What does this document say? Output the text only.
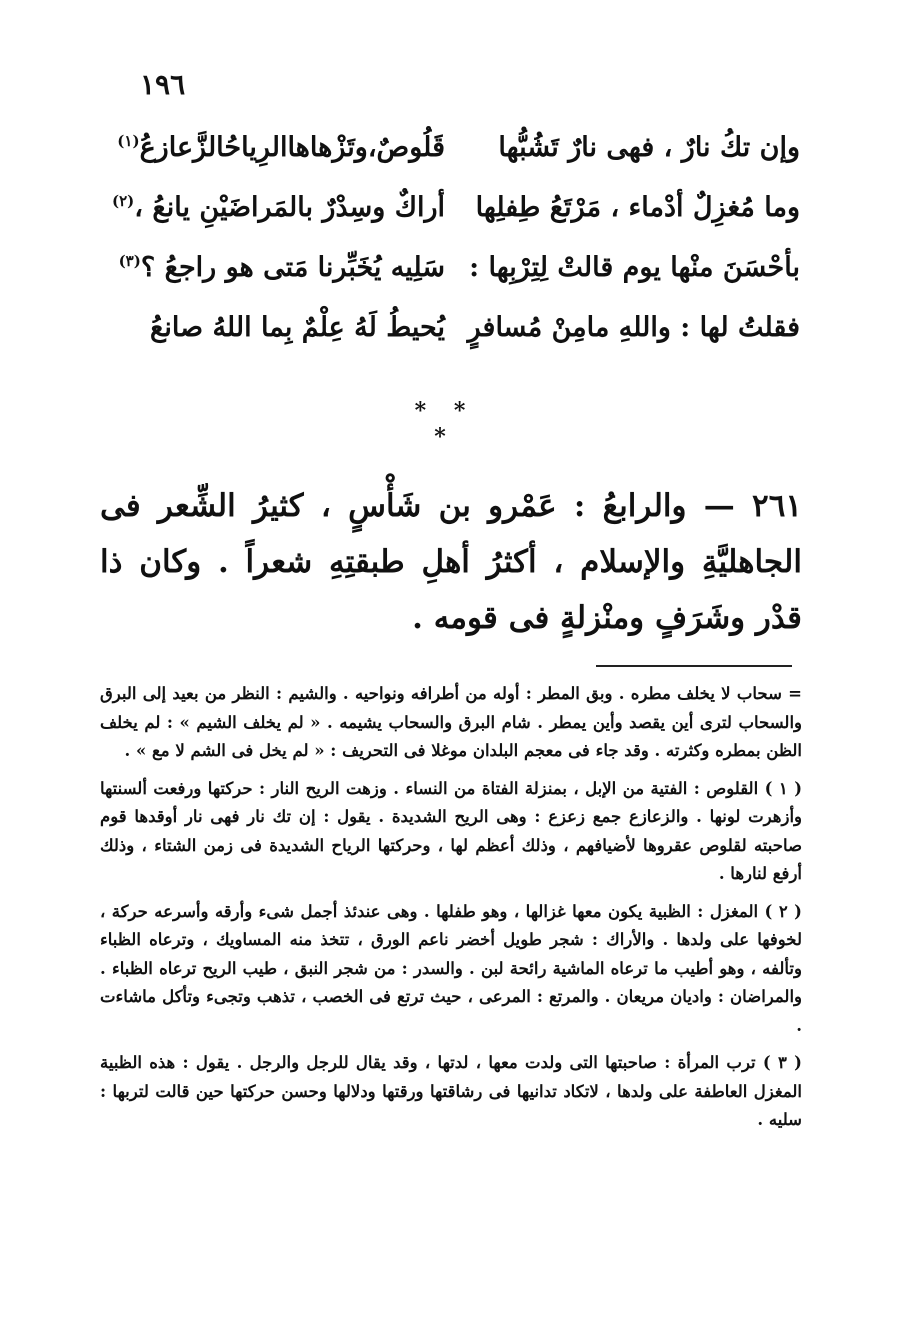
١٩٦
وإن تكُ نارٌ ، فهى نارٌ تَشُبُّها
قَلُوصٌ،وتَزْهاهاالرِياحُالزَّعازعُ$^{(١)}$
وما مُغزِلٌ أدْماء ، مَرْتَعُ طِفلِها
أراكٌ وسِدْرٌ بالمَراضَيْنِ يانعُ ،$^{(٢)}$
بأحْسَنَ منْها يوم قالتْ لِتِرْبِها :
سَلِيه يُخَبِّرنا مَتى هو راجعُ ؟$^{(٣)}$
فقلتُ لها : واللهِ مامِنْ مُسافرٍ
يُحيطُ لَهُ عِلْمٌ بِما اللهُ صانعُ
* * *
٢٦١ — والرابعُ : عَمْرو بن شَأْسٍ ، كثيرُ الشِّعر فى الجاهليَّةِ والإسلام ، أكثرُ أهلِ طبقتِهِ شعراً . وكان ذا قدْر وشَرَفٍ ومنْزلةٍ فى قومه .

= سحاب لا يخلف مطره . وبق المطر : أوله من أطرافه ونواحيه . والشيم : النظر من بعيد إلى البرق والسحاب لترى أين يقصد وأين يمطر . شام البرق والسحاب يشيمه . « لم يخلف الشيم » : لم يخلف الظن بمطره وكثرته . وقد جاء فى معجم البلدان موغلا فى التحريف : « لم يخل فى الشم لا مع » .

( ١ ) القلوص : الفتية من الإبل ، بمنزلة الفتاة من النساء . وزهت الريح النار : حركتها ورفعت ألسنتها وأزهرت لونها . والزعازع جمع زعزع : وهى الريح الشديدة . يقول : إن تك نار فهى نار أوقدها قوم صاحبته لقلوص عقروها لأضيافهم ، وذلك أعظم لها ، وحركتها الرياح الشديدة فى زمن الشتاء ، وذلك أرفع لنارها .

( ٢ ) المغزل : الظبية يكون معها غزالها ، وهو طفلها . وهى عندئذ أجمل شىء وأرقه وأسرعه حركة ، لخوفها على ولدها . والأراك : شجر طويل أخضر ناعم الورق ، تتخذ منه المساويك ، وترعاه الظباء وتألفه ، وهو أطيب ما ترعاه الماشية رائحة لبن . والسدر : من شجر النبق ، طيب الريح ترعاه الظباء . والمراضان : واديان مريعان . والمرتع : المرعى ، حيث ترتع فى الخصب ، تذهب وتجىء وتأكل ماشاءت .

( ٣ ) ترب المرأة : صاحبتها التى ولدت معها ، لدتها ، وقد يقال للرجل والرجل . يقول : هذه الظبية المغزل العاطفة على ولدها ، لاتكاد تدانيها فى رشاقتها ورقتها ودلالها وحسن حركتها حين قالت لتربها : سليه .
